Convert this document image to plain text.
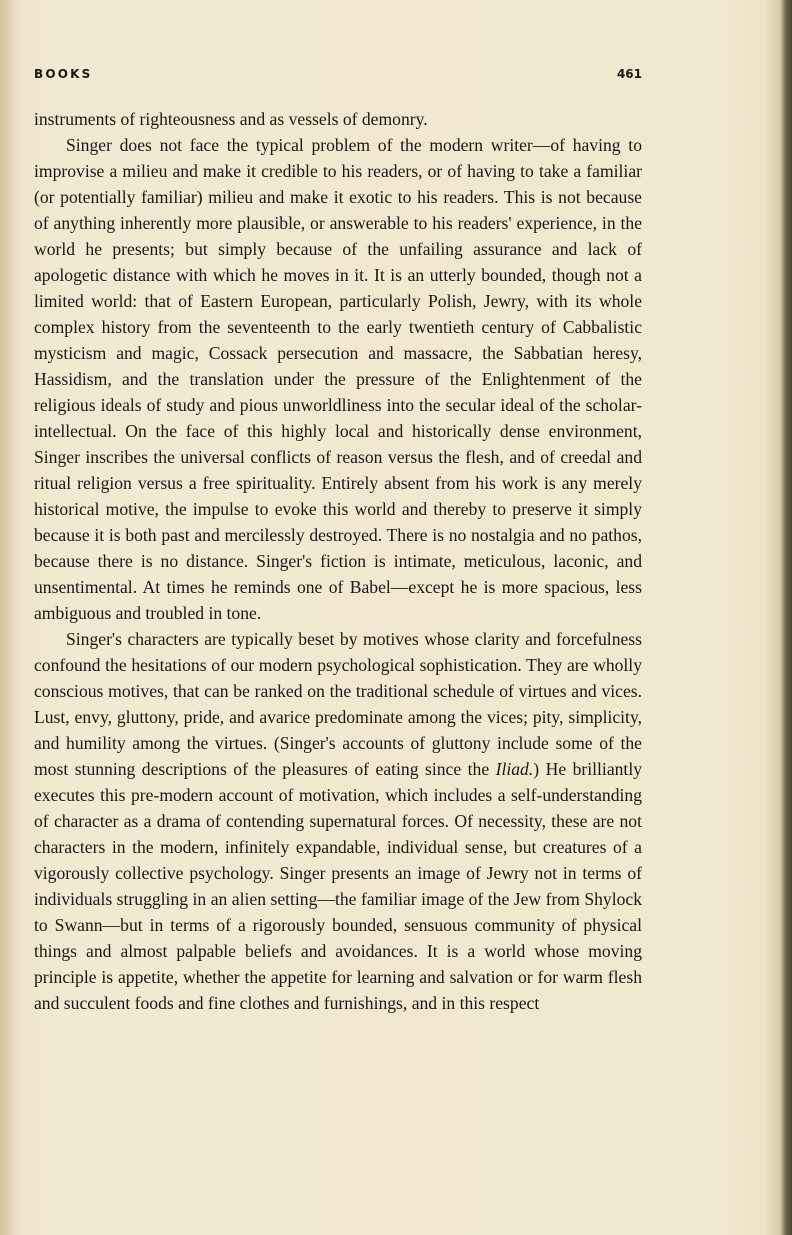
BOOKS	461

instruments of righteousness and as vessels of demonry.

Singer does not face the typical problem of the modern writer—of having to improvise a milieu and make it credible to his readers, or of having to take a familiar (or potentially familiar) milieu and make it exotic to his readers. This is not because of anything inherently more plausible, or answerable to his readers' experience, in the world he presents; but simply because of the unfailing assurance and lack of apologetic distance with which he moves in it. It is an utterly bounded, though not a limited world: that of Eastern European, particularly Polish, Jewry, with its whole complex history from the seventeenth to the early twentieth century of Cabbalistic mysticism and magic, Cossack persecution and massacre, the Sabbatian heresy, Hassidism, and the translation under the pressure of the Enlightenment of the religious ideals of study and pious unworldliness into the secular ideal of the scholar-intellectual. On the face of this highly local and historically dense environment, Singer inscribes the universal conflicts of reason versus the flesh, and of creedal and ritual religion versus a free spirituality. Entirely absent from his work is any merely historical motive, the impulse to evoke this world and thereby to preserve it simply because it is both past and mercilessly destroyed. There is no nostalgia and no pathos, because there is no distance. Singer's fiction is intimate, meticulous, laconic, and unsentimental. At times he reminds one of Babel—except he is more spacious, less ambiguous and troubled in tone.

Singer's characters are typically beset by motives whose clarity and forcefulness confound the hesitations of our modern psychological sophistication. They are wholly conscious motives, that can be ranked on the traditional schedule of virtues and vices. Lust, envy, gluttony, pride, and avarice predominate among the vices; pity, simplicity, and humility among the virtues. (Singer's accounts of gluttony include some of the most stunning descriptions of the pleasures of eating since the Iliad.) He brilliantly executes this pre-modern account of motivation, which includes a self-understanding of character as a drama of contending supernatural forces. Of necessity, these are not characters in the modern, infinitely expandable, individual sense, but creatures of a vigorously collective psychology. Singer presents an image of Jewry not in terms of individuals struggling in an alien setting—the familiar image of the Jew from Shylock to Swann—but in terms of a rigorously bounded, sensuous community of physical things and almost palpable beliefs and avoidances. It is a world whose moving principle is appetite, whether the appetite for learning and salvation or for warm flesh and succulent foods and fine clothes and furnishings, and in this respect
